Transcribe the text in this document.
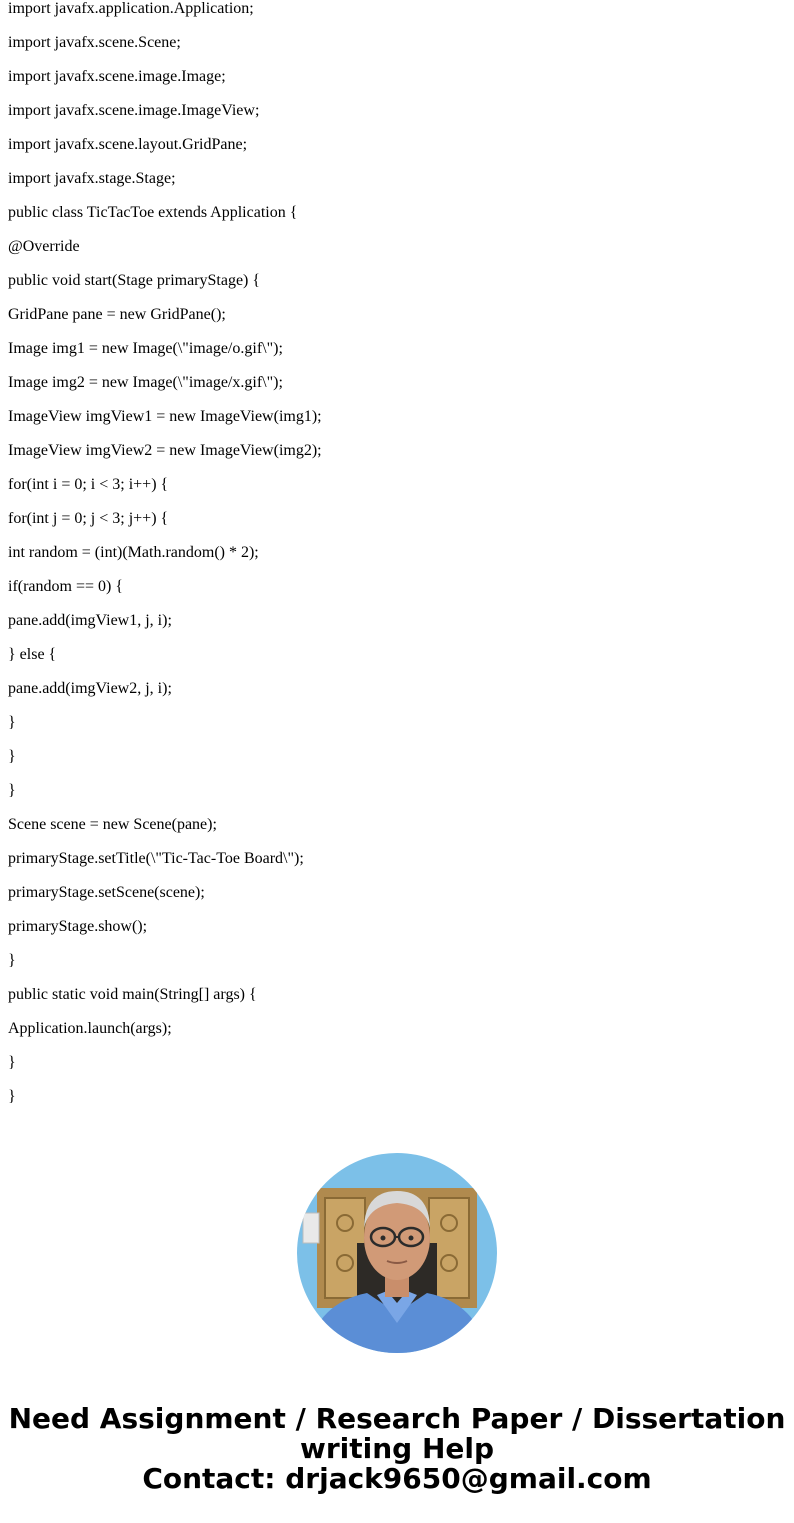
import javafx.application.Application;

import javafx.scene.Scene;

import javafx.scene.image.Image;

import javafx.scene.image.ImageView;

import javafx.scene.layout.GridPane;

import javafx.stage.Stage;

public class TicTacToe extends Application {

@Override

public void start(Stage primaryStage) {

GridPane pane = new GridPane();

Image img1 = new Image(\"image/o.gif\");

Image img2 = new Image(\"image/x.gif\");

ImageView imgView1 = new ImageView(img1);

ImageView imgView2 = new ImageView(img2);

for(int i = 0; i < 3; i++) {

for(int j = 0; j < 3; j++) {

int random = (int)(Math.random() * 2);

if(random == 0) {

pane.add(imgView1, j, i);

} else {

pane.add(imgView2, j, i);

}

}

}

Scene scene = new Scene(pane);

primaryStage.setTitle(\"Tic-Tac-Toe Board\");

primaryStage.setScene(scene);

primaryStage.show();

}

public static void main(String[] args) {

Application.launch(args);

}

}

Need Assignment / Research Paper / Dissertation

writing Help

Contact: drjack9650@gmail.com
